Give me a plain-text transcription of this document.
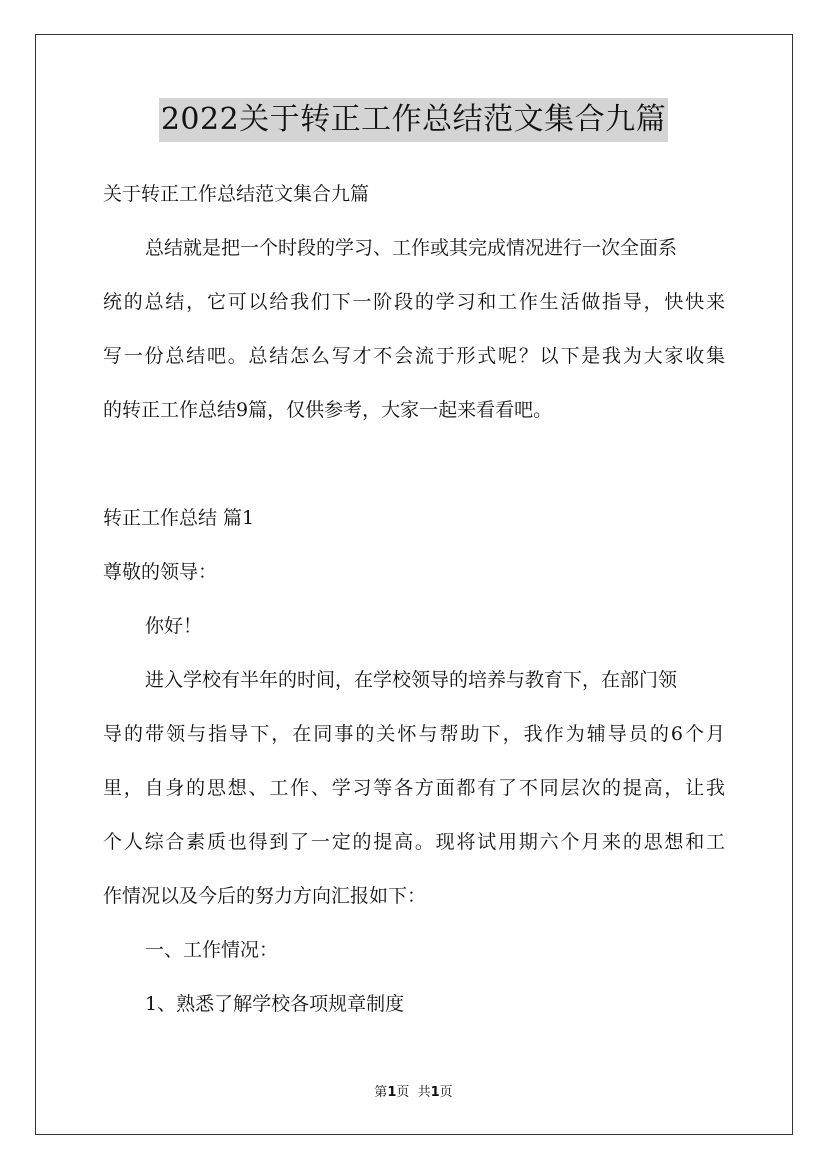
2022关于转正工作总结范文集合九篇
关于转正工作总结范文集合九篇
总结就是把一个时段的学习、工作或其完成情况进行一次全面系
统的总结，它可以给我们下一阶段的学习和工作生活做指导，快快来
写一份总结吧。总结怎么写才不会流于形式呢？以下是我为大家收集
的转正工作总结9篇，仅供参考，大家一起来看看吧。
转正工作总结 篇1
尊敬的领导：
你好！
进入学校有半年的时间，在学校领导的培养与教育下，在部门领
导的带领与指导下，在同事的关怀与帮助下，我作为辅导员的6个月
里，自身的思想、工作、学习等各方面都有了不同层次的提高，让我
个人综合素质也得到了一定的提高。现将试用期六个月来的思想和工
作情况以及今后的努力方向汇报如下：
一、工作情况：
1、熟悉了解学校各项规章制度
第1页  共1页
